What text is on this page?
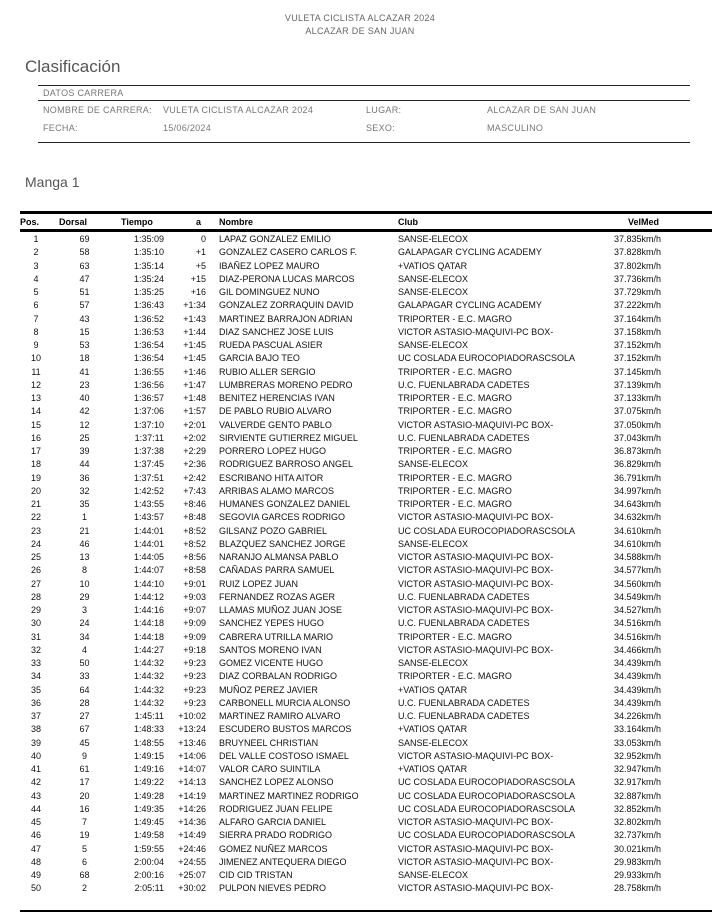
VULETA CICLISTA ALCAZAR 2024
ALCAZAR DE SAN JUAN
Clasificación
DATOS CARRERA
NOMBRE DE CARRERA: VULETA CICLISTA ALCAZAR 2024	LUGAR:	ALCAZAR DE SAN JUAN
FECHA:	15/06/2024	SEXO:	MASCULINO
Manga 1
Pos.	Dorsal	Tiempo	a	Nombre	Club	VelMed
1	69	1:35:09	0 LAPAZ GONZALEZ EMILIO	SANSE-ELECOX	37.835km/h
2	58	1:35:10	+1 GONZALEZ CASERO CARLOS F.	GALAPAGAR CYCLING ACADEMY	37.828km/h
3	63	1:35:14	+5 IBAÑEZ LOPEZ MAURO	+VATIOS QATAR	37.802km/h
4	47	1:35:24	+15 DIAZ-PERONA LUCAS MARCOS	SANSE-ELECOX	37.736km/h
5	51	1:35:25	+16 GIL DOMINGUEZ NUNO	SANSE-ELECOX	37.729km/h
6	57	1:36:43	+1:34 GONZALEZ ZORRAQUIN DAVID	GALAPAGAR CYCLING ACADEMY	37.222km/h
7	43	1:36:52	+1:43 MARTINEZ BARRAJON ADRIAN	TRIPORTER - E.C. MAGRO	37.164km/h
8	15	1:36:53	+1:44 DIAZ SANCHEZ JOSE LUIS	VICTOR ASTASIO-MAQUIVI-PC BOX-	37.158km/h
9	53	1:36:54	+1:45 RUEDA PASCUAL ASIER	SANSE-ELECOX	37.152km/h
10	18	1:36:54	+1:45 GARCIA BAJO TEO	UC COSLADA EUROCOPIADORASCSOLA	37.152km/h
11	41	1:36:55	+1:46 RUBIO ALLER SERGIO	TRIPORTER - E.C. MAGRO	37.145km/h
12	23	1:36:56	+1:47 LUMBRERAS MORENO PEDRO	U.C. FUENLABRADA CADETES	37.139km/h
13	40	1:36:57	+1:48 BENITEZ HERENCIAS IVAN	TRIPORTER - E.C. MAGRO	37.133km/h
14	42	1:37:06	+1:57 DE PABLO RUBIO ALVARO	TRIPORTER - E.C. MAGRO	37.075km/h
15	12	1:37:10	+2:01 VALVERDE GENTO PABLO	VICTOR ASTASIO-MAQUIVI-PC BOX-	37.050km/h
16	25	1:37:11	+2:02 SIRVIENTE GUTIERREZ MIGUEL	U.C. FUENLABRADA CADETES	37.043km/h
17	39	1:37:38	+2:29 PORRERO LOPEZ HUGO	TRIPORTER - E.C. MAGRO	36.873km/h
18	44	1:37:45	+2:36 RODRIGUEZ BARROSO ANGEL	SANSE-ELECOX	36.829km/h
19	36	1:37:51	+2:42 ESCRIBANO HITA AITOR	TRIPORTER - E.C. MAGRO	36.791km/h
20	32	1:42:52	+7:43 ARRIBAS ALAMO MARCOS	TRIPORTER - E.C. MAGRO	34.997km/h
21	35	1:43:55	+8:46 HUMANES GONZALEZ DANIEL	TRIPORTER - E.C. MAGRO	34.643km/h
22	1	1:43:57	+8:48 SEGOVIA GARCES RODRIGO	VICTOR ASTASIO-MAQUIVI-PC BOX-	34.632km/h
23	21	1:44:01	+8:52 GILSANZ POZO GABRIEL	UC COSLADA EUROCOPIADORASCSOLA	34.610km/h
24	46	1:44:01	+8:52 BLAZQUEZ SANCHEZ JORGE	SANSE-ELECOX	34.610km/h
25	13	1:44:05	+8:56 NARANJO ALMANSA PABLO	VICTOR ASTASIO-MAQUIVI-PC BOX-	34.588km/h
26	8	1:44:07	+8:58 CAÑADAS PARRA SAMUEL	VICTOR ASTASIO-MAQUIVI-PC BOX-	34.577km/h
27	10	1:44:10	+9:01 RUIZ LOPEZ JUAN	VICTOR ASTASIO-MAQUIVI-PC BOX-	34.560km/h
28	29	1:44:12	+9:03 FERNANDEZ ROZAS AGER	U.C. FUENLABRADA CADETES	34.549km/h
29	3	1:44:16	+9:07 LLAMAS MUÑOZ JUAN JOSE	VICTOR ASTASIO-MAQUIVI-PC BOX-	34.527km/h
30	24	1:44:18	+9:09 SANCHEZ YEPES HUGO	U.C. FUENLABRADA CADETES	34.516km/h
31	34	1:44:18	+9:09 CABRERA UTRILLA MARIO	TRIPORTER - E.C. MAGRO	34.516km/h
32	4	1:44:27	+9:18 SANTOS MORENO IVAN	VICTOR ASTASIO-MAQUIVI-PC BOX-	34.466km/h
33	50	1:44:32	+9:23 GOMEZ VICENTE HUGO	SANSE-ELECOX	34.439km/h
34	33	1:44:32	+9:23 DIAZ CORBALAN RODRIGO	TRIPORTER - E.C. MAGRO	34.439km/h
35	64	1:44:32	+9:23 MUÑOZ PEREZ JAVIER	+VATIOS QATAR	34.439km/h
36	28	1:44:32	+9:23 CARBONELL MURCIA ALONSO	U.C. FUENLABRADA CADETES	34.439km/h
37	27	1:45:11	+10:02 MARTINEZ RAMIRO ALVARO	U.C. FUENLABRADA CADETES	34.226km/h
38	67	1:48:33	+13:24 ESCUDERO BUSTOS MARCOS	+VATIOS QATAR	33.164km/h
39	45	1:48:55	+13:46 BRUYNEEL CHRISTIAN	SANSE-ELECOX	33.053km/h
40	9	1:49:15	+14:06 DEL VALLE COSTOSO ISMAEL	VICTOR ASTASIO-MAQUIVI-PC BOX-	32.952km/h
41	61	1:49:16	+14:07 VALOR CARO SUINTILA	+VATIOS QATAR	32.947km/h
42	17	1:49:22	+14:13 SANCHEZ LOPEZ ALONSO	UC COSLADA EUROCOPIADORASCSOLA	32.917km/h
43	20	1:49:28	+14:19 MARTINEZ MARTINEZ RODRIGO	UC COSLADA EUROCOPIADORASCSOLA	32.887km/h
44	16	1:49:35	+14:26 RODRIGUEZ JUAN FELIPE	UC COSLADA EUROCOPIADORASCSOLA	32.852km/h
45	7	1:49:45	+14:36 ALFARO GARCIA DANIEL	VICTOR ASTASIO-MAQUIVI-PC BOX-	32.802km/h
46	19	1:49:58	+14:49 SIERRA PRADO RODRIGO	UC COSLADA EUROCOPIADORASCSOLA	32.737km/h
47	5	1:59:55	+24:46 GOMEZ NUÑEZ MARCOS	VICTOR ASTASIO-MAQUIVI-PC BOX-	30.021km/h
48	6	2:00:04	+24:55 JIMENEZ ANTEQUERA DIEGO	VICTOR ASTASIO-MAQUIVI-PC BOX-	29.983km/h
49	68	2:00:16	+25:07 CID CID TRISTAN	SANSE-ELECOX	29.933km/h
50	2	2:05:11	+30:02 PULPON NIEVES PEDRO	VICTOR ASTASIO-MAQUIVI-PC BOX-	28.758km/h
